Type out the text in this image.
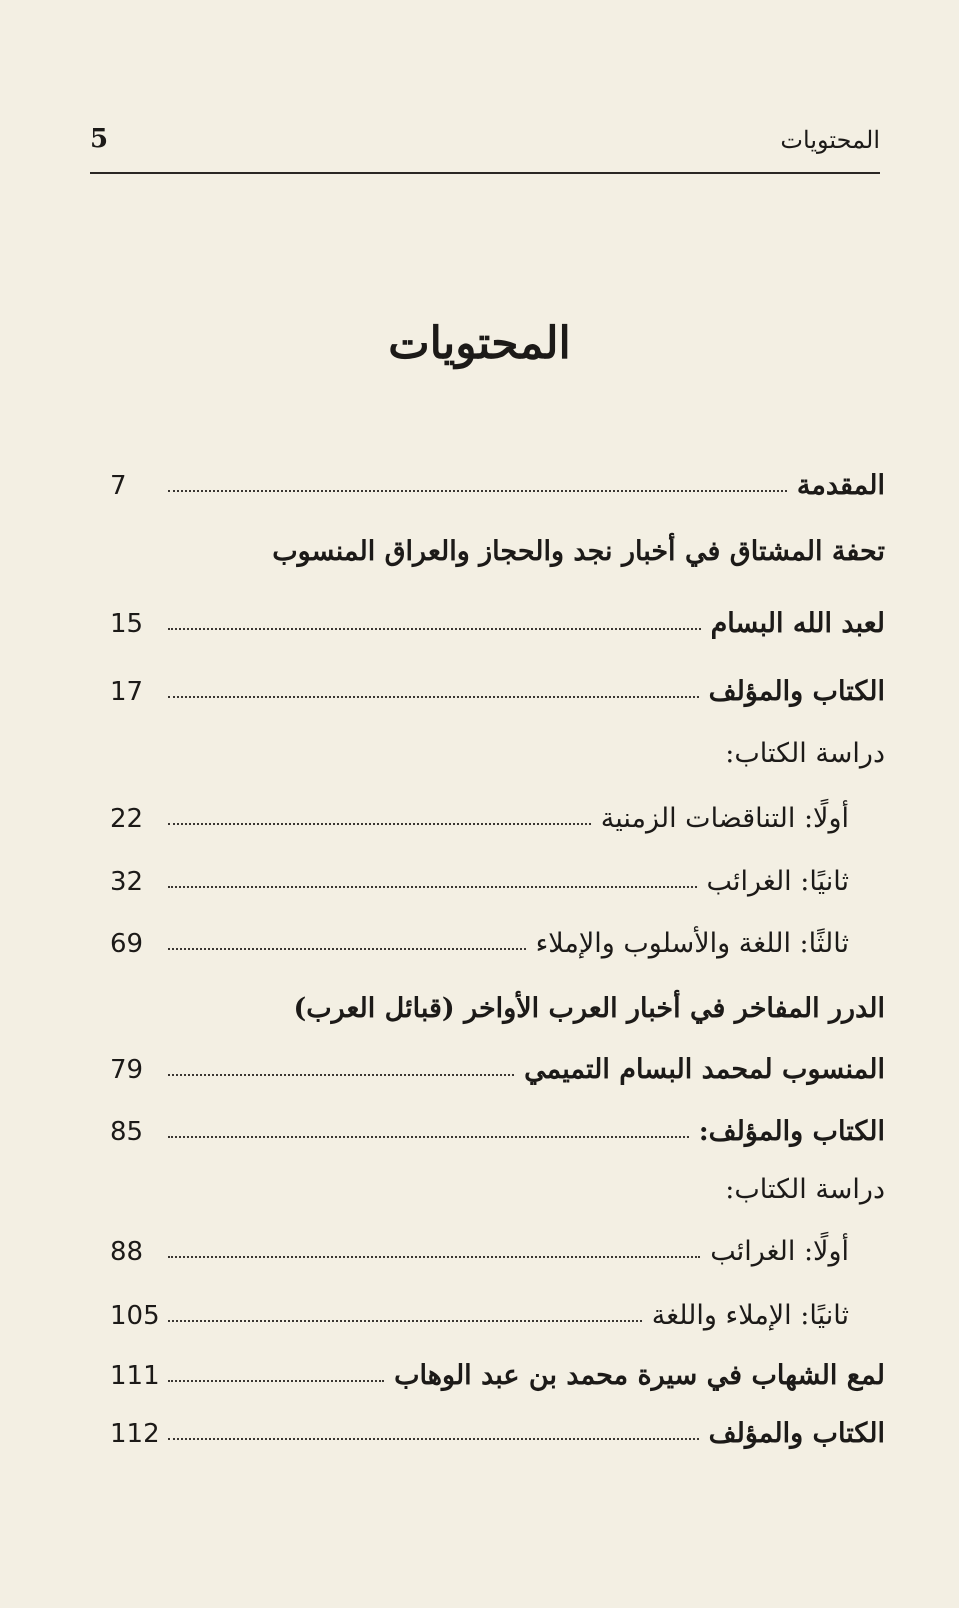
المحتويات
5
المحتويات
المقدمة
7
تحفة المشتاق في أخبار نجد والحجاز والعراق المنسوب
لعبد الله البسام
15
الكتاب والمؤلف
17
دراسة الكتاب:
أولًا: التناقضات الزمنية
22
ثانيًا: الغرائب
32
ثالثًا: اللغة والأسلوب والإملاء
69
الدرر المفاخر في أخبار العرب الأواخر (قبائل العرب)
المنسوب لمحمد البسام التميمي
79
الكتاب والمؤلف:
85
دراسة الكتاب:
أولًا: الغرائب
88
ثانيًا: الإملاء واللغة
105
لمع الشهاب في سيرة محمد بن عبد الوهاب
111
الكتاب والمؤلف
112
